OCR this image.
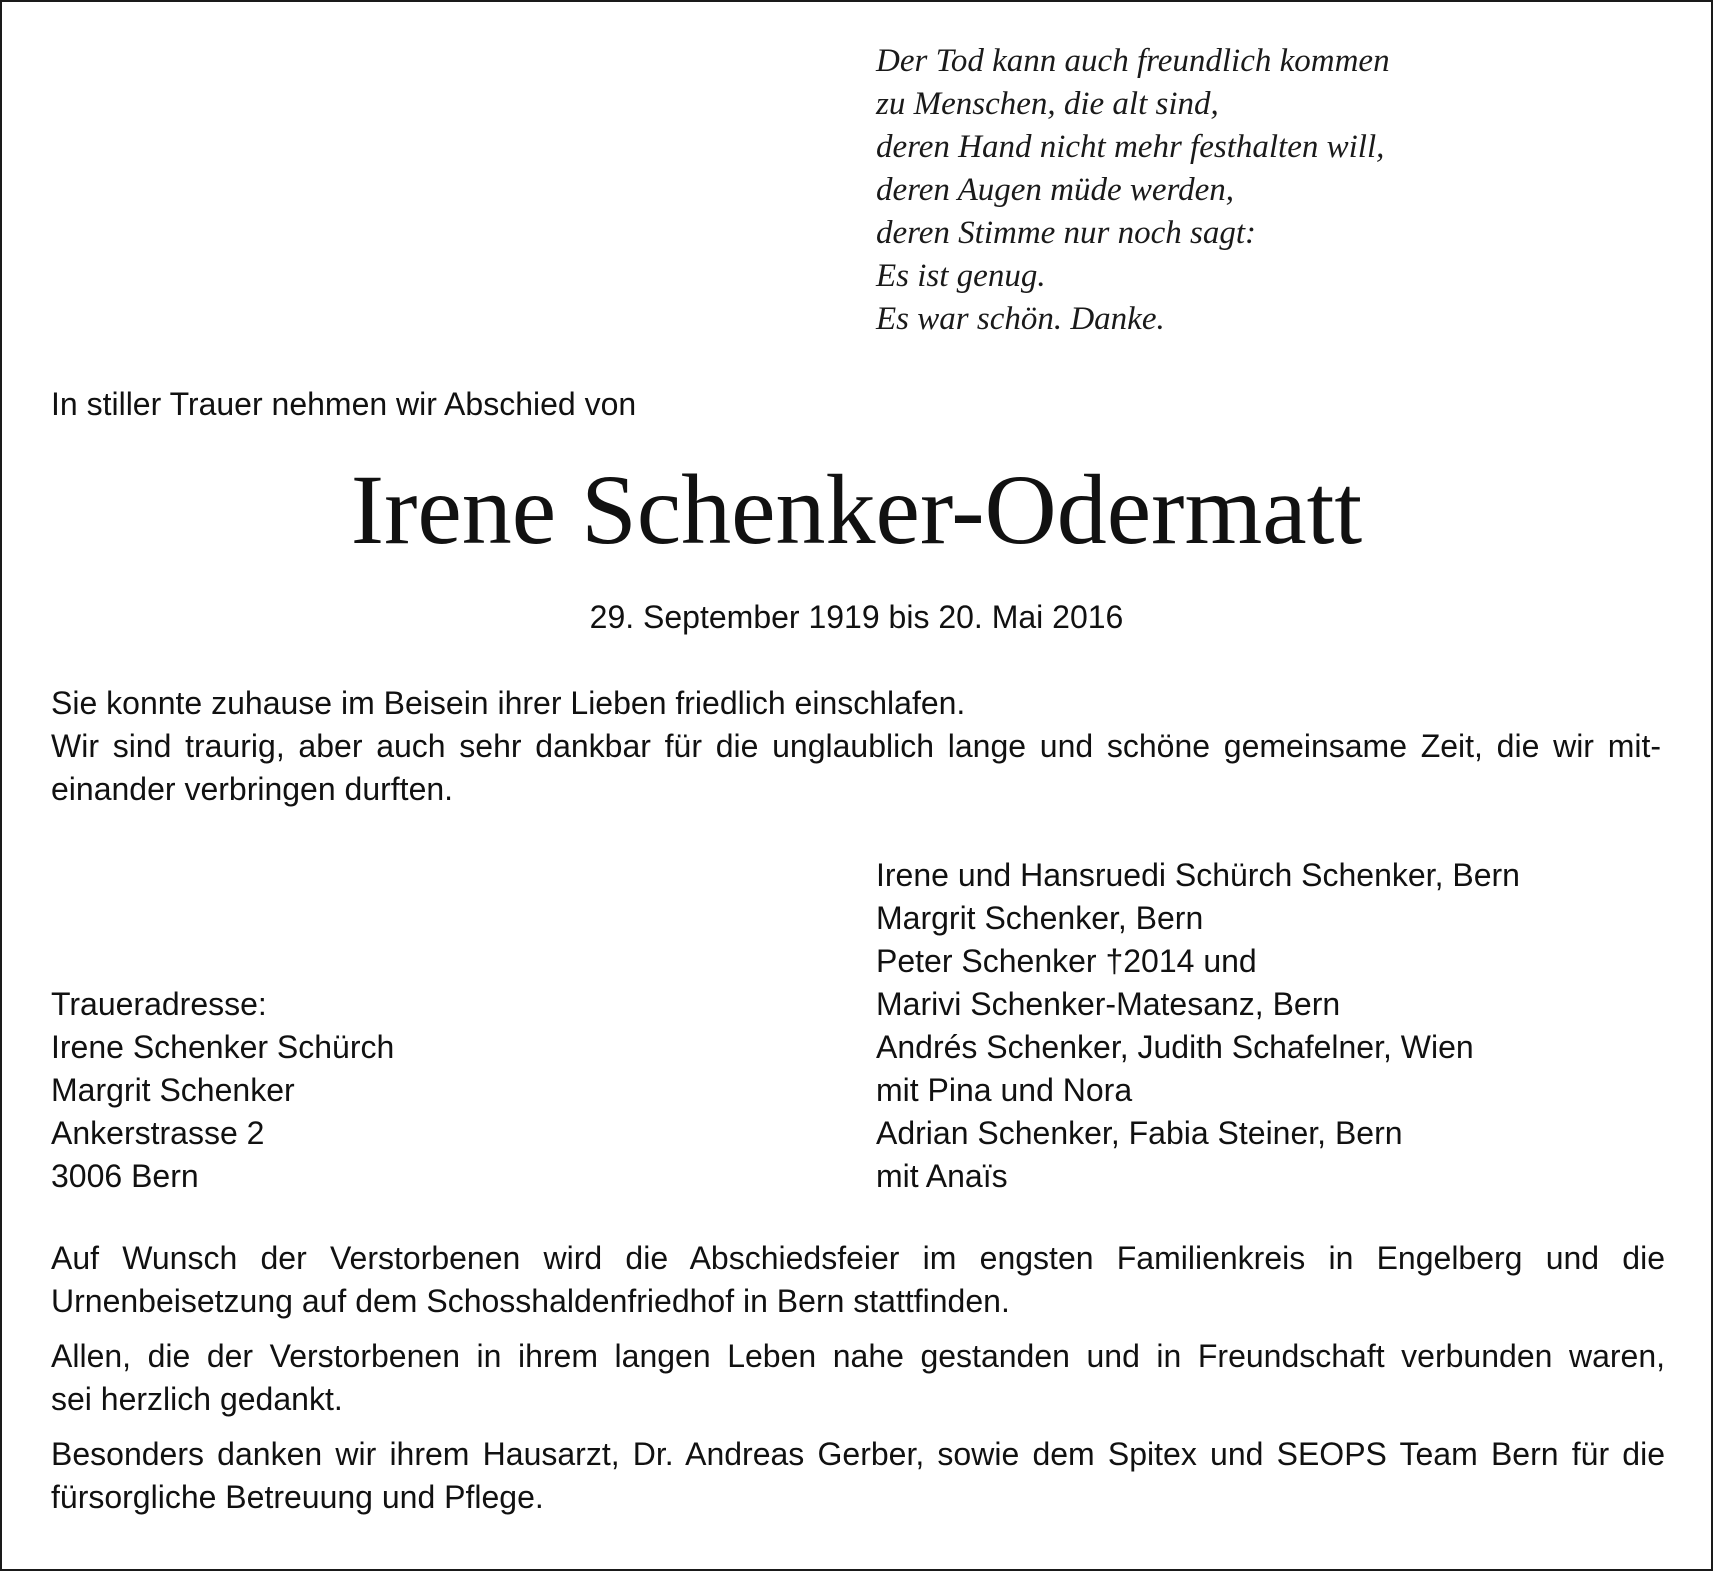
Der Tod kann auch freundlich kommen
zu Menschen, die alt sind,
deren Hand nicht mehr festhalten will,
deren Augen müde werden,
deren Stimme nur noch sagt:
Es ist genug.
Es war schön. Danke.
In stiller Trauer nehmen wir Abschied von
Irene Schenker-Odermatt
29. September 1919 bis 20. Mai 2016
Sie konnte zuhause im Beisein ihrer Lieben friedlich einschlafen.
Wir sind traurig, aber auch sehr dankbar für die unglaublich lange und schöne gemeinsame Zeit, die wir mit-
einander verbringen durften.
Irene und Hansruedi Schürch Schenker, Bern
Margrit Schenker, Bern
Peter Schenker †2014 und
Marivi Schenker-Matesanz, Bern
Andrés Schenker, Judith Schafelner, Wien
mit Pina und Nora
Adrian Schenker, Fabia Steiner, Bern
mit Anaïs
Traueradresse:
Irene Schenker Schürch
Margrit Schenker
Ankerstrasse 2
3006 Bern

Auf Wunsch der Verstorbenen wird die Abschiedsfeier im engsten Familienkreis in Engelberg und die
Urnenbeisetzung auf dem Schosshaldenfriedhof in Bern stattfinden.

Allen, die der Verstorbenen in ihrem langen Leben nahe gestanden und in Freundschaft verbunden waren,
sei herzlich gedankt.

Besonders danken wir ihrem Hausarzt, Dr. Andreas Gerber, sowie dem Spitex und SEOPS Team Bern für die
fürsorgliche Betreuung und Pflege.
